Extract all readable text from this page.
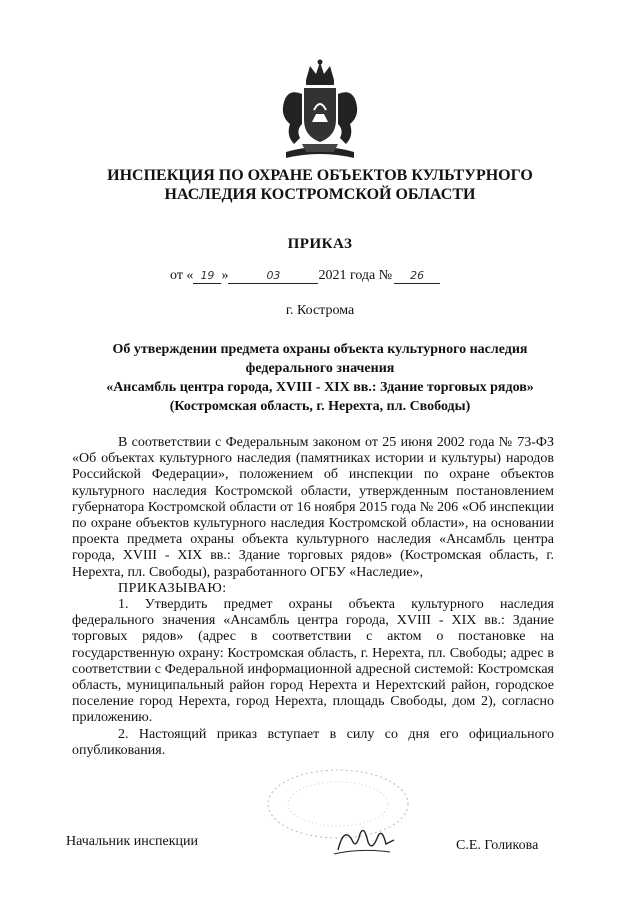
ИНСПЕКЦИЯ ПО ОХРАНЕ ОБЪЕКТОВ КУЛЬТУРНОГО
НАСЛЕДИЯ КОСТРОМСКОЙ ОБЛАСТИ
ПРИКАЗ
от « 19 »	03	2021 года № 26
г. Кострома
Об утверждении предмета охраны объекта культурного наследия
федерального значения
«Ансамбль центра города, XVIII - XIX вв.: Здание торговых рядов»
(Костромская область, г. Нерехта, пл. Свободы)

В соответствии с Федеральным законом от 25 июня 2002 года № 73-ФЗ «Об объектах культурного наследия (памятниках истории и культуры) народов Российской Федерации», положением об инспекции по охране объектов культурного наследия Костромской области, утвержденным постановлением губернатора Костромской области от 16 ноября 2015 года № 206 «Об инспекции по охране объектов культурного наследия Костромской области», на основании проекта предмета охраны объекта культурного наследия «Ансамбль центра города, XVIII - XIX вв.: Здание торговых рядов» (Костромская область, г. Нерехта, пл. Свободы), разработанного ОГБУ «Наследие»,

ПРИКАЗЫВАЮ:

1. Утвердить предмет охраны объекта культурного наследия федерального значения «Ансамбль центра города, XVIII - XIX вв.: Здание торговых рядов» (адрес в соответствии с актом о постановке на государственную охрану: Костромская область, г. Нерехта, пл. Свободы; адрес в соответствии с Федеральной информационной адресной системой: Костромская область, муниципальный район город Нерехта и Нерехтский район, городское поселение город Нерехта, город Нерехта, площадь Свободы, дом 2), согласно приложению.

2. Настоящий приказ вступает в силу со дня его официального опубликования.

Начальник инспекции	С.Е. Голикова
